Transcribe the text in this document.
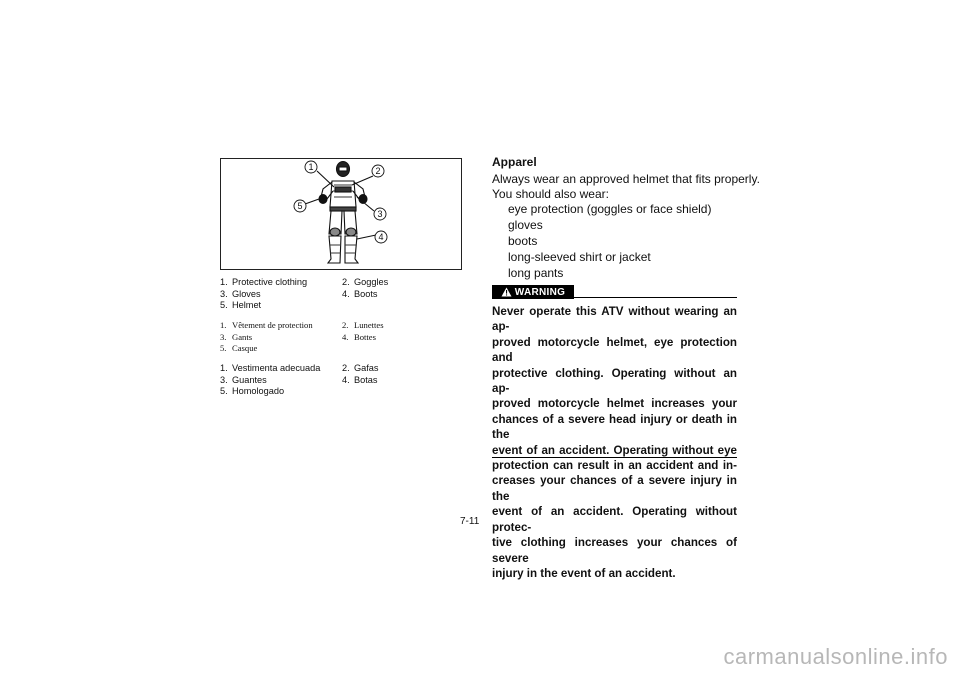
1	2
3
4
5
1. Protective clothing	2. Goggles
3. Gloves	4. Boots
5. Helmet
1. Vêtement de protection	2. Lunettes
3. Gants	4. Bottes
5. Casque
1. Vestimenta adecuada	2. Gafas
3. Guantes	4. Botas
5. Homologado
Apparel
Always wear an approved helmet that fits properly.
You should also wear:
eye protection (goggles or face shield)
gloves
boots
long-sleeved shirt or jacket
long pants
WARNING
Never operate this ATV without wearing an ap-
proved motorcycle helmet, eye protection and
protective clothing. Operating without an ap-
proved motorcycle helmet increases your
chances of a severe head injury or death in the
event of an accident. Operating without eye
protection can result in an accident and in-
creases your chances of a severe injury in the
event of an accident. Operating without protec-
tive clothing increases your chances of severe
injury in the event of an accident.
7-11
carmanualsonline.info
